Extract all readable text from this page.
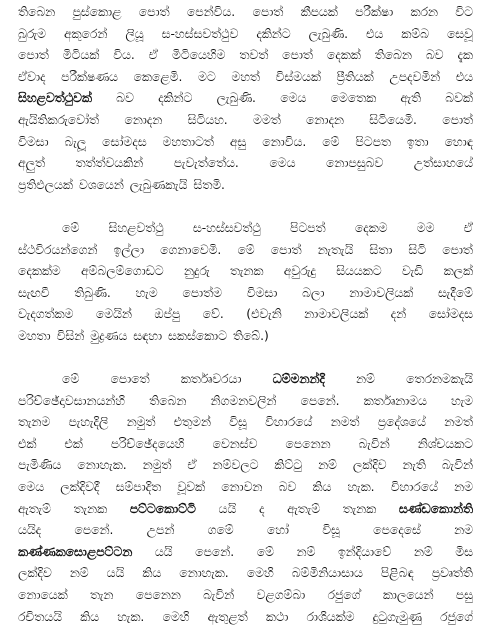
තිබෙන පුස්කොළ පොත් පෙන්විය. පොත් කීපයක් පරීක්ෂා කරන විට
බුරුම අකුරෙන් ලියූ ස-හස්සවත්ථුව දකින්ට ලැබුණි. එය කම්බ සෙවූ
පොත් මිටියක් විය. ඒ මිටියෙහිම තවත් පොත් දෙකක් තිබෙන බව දැක
ඒවාද පරීක්ෂණය කෙළෙමි. මට මහත් විස්මයක් ප්‍රීතියක් උපදවමින් එය
සිහළවත්ථුවක් බව දකින්ට ලැබුණි. මෙය මෙතෙක ඇති බවක්
ඇයිතිකරුවෝත් නොදන සිටියහ. මමත් නොදන සිටියෙමි. පොත්
විමසා බැලූ සෝමදස මහතාටත් අසු නොවිය. මේ පිටපත ඉතා හොඳ
අලුත් තත්ත්වයකින් පැවැත්තේය. මෙය නොපසුබව උත්සාහයේ
ප්‍රතිඵලයක් වශයෙන් ලැබුණකැයි සිතමි.
මේ සිහළවත්ථු ස-හස්සවත්ථු පිටපත් දෙකම මම ඒ
ස්ථවිරයන්ගෙන් ඉල්ලා ගෙනාවෙමි. මේ පොත් නැතැයි සිතා සිටි පොත්
දෙකක්ම අම්බලම්ගොඩට නුදුරු තැනක අවුරුදු සියයකට වැඩි කලක්
සැඟවී තිබුණි. හැම පොත්ම විමසා බලා නාමාවලියක් සැදීමේ
වැදගත්කම මෙයින් ඔප්පු වේ. (එවැනි නාමාවලියක් දන් සෝමදස
මහතා විසින් මුද්‍රණය සඳහා සකස්කොට තිබේ.)
මේ	පොතේ	කර්තෘවරයා	ධම්මනන්දි	නම්	තෙරනමකැයි
පරිච්ඡේදාවසානයන්හි තිබෙන නිගමනවලින් පෙනේ. කර්තෘනාමය හැම
තැනම පැහැදිලි නමුත් එතුමන් විසූ විහාරයේ නමත් ප්‍රදේශයේ නමත්
එක් එක් පරිච්ඡේදයෙහි වෙනස්ව පෙනෙන බැවින් නිශ්චයකට
පැමිණිය නොහැක. නමුත් ඒ නම්වලට කිට්ටු නම් ලක්දිව නැති බැවින්
මෙය ලක්දිවදී සම්පාදිත වූවක් නොවන බව කිය හැක. විහාරයේ නම
ඇතැම් තැනක පට්ටකොට්ටි යයි ද ඇතැම් තැනක සණ්ඩකොන්ති
යයිද	පෙනේ.	උපන්	ගමේ	හෝ	විසූ	පෙදෙසේ	නම
කණ්ණකසොළපට්ටන යයි පෙනේ. මේ නම් ඉන්දියාවේ නම් මිස
ලක්දිව නම් යයි කිය නොහැක. මෙහි බම්මිනියාසාය පිළිබඳ ප්‍රවෘත්ති
නොයෙක් තැන පෙනෙන බැවින් වළගම්බා රජුගේ කාලයෙන් පසු
රචිතයයි කිය හැක. මෙහි ඇතුළත් කථා රාශියක්ම දුටුගැමුණු රජුගේ
